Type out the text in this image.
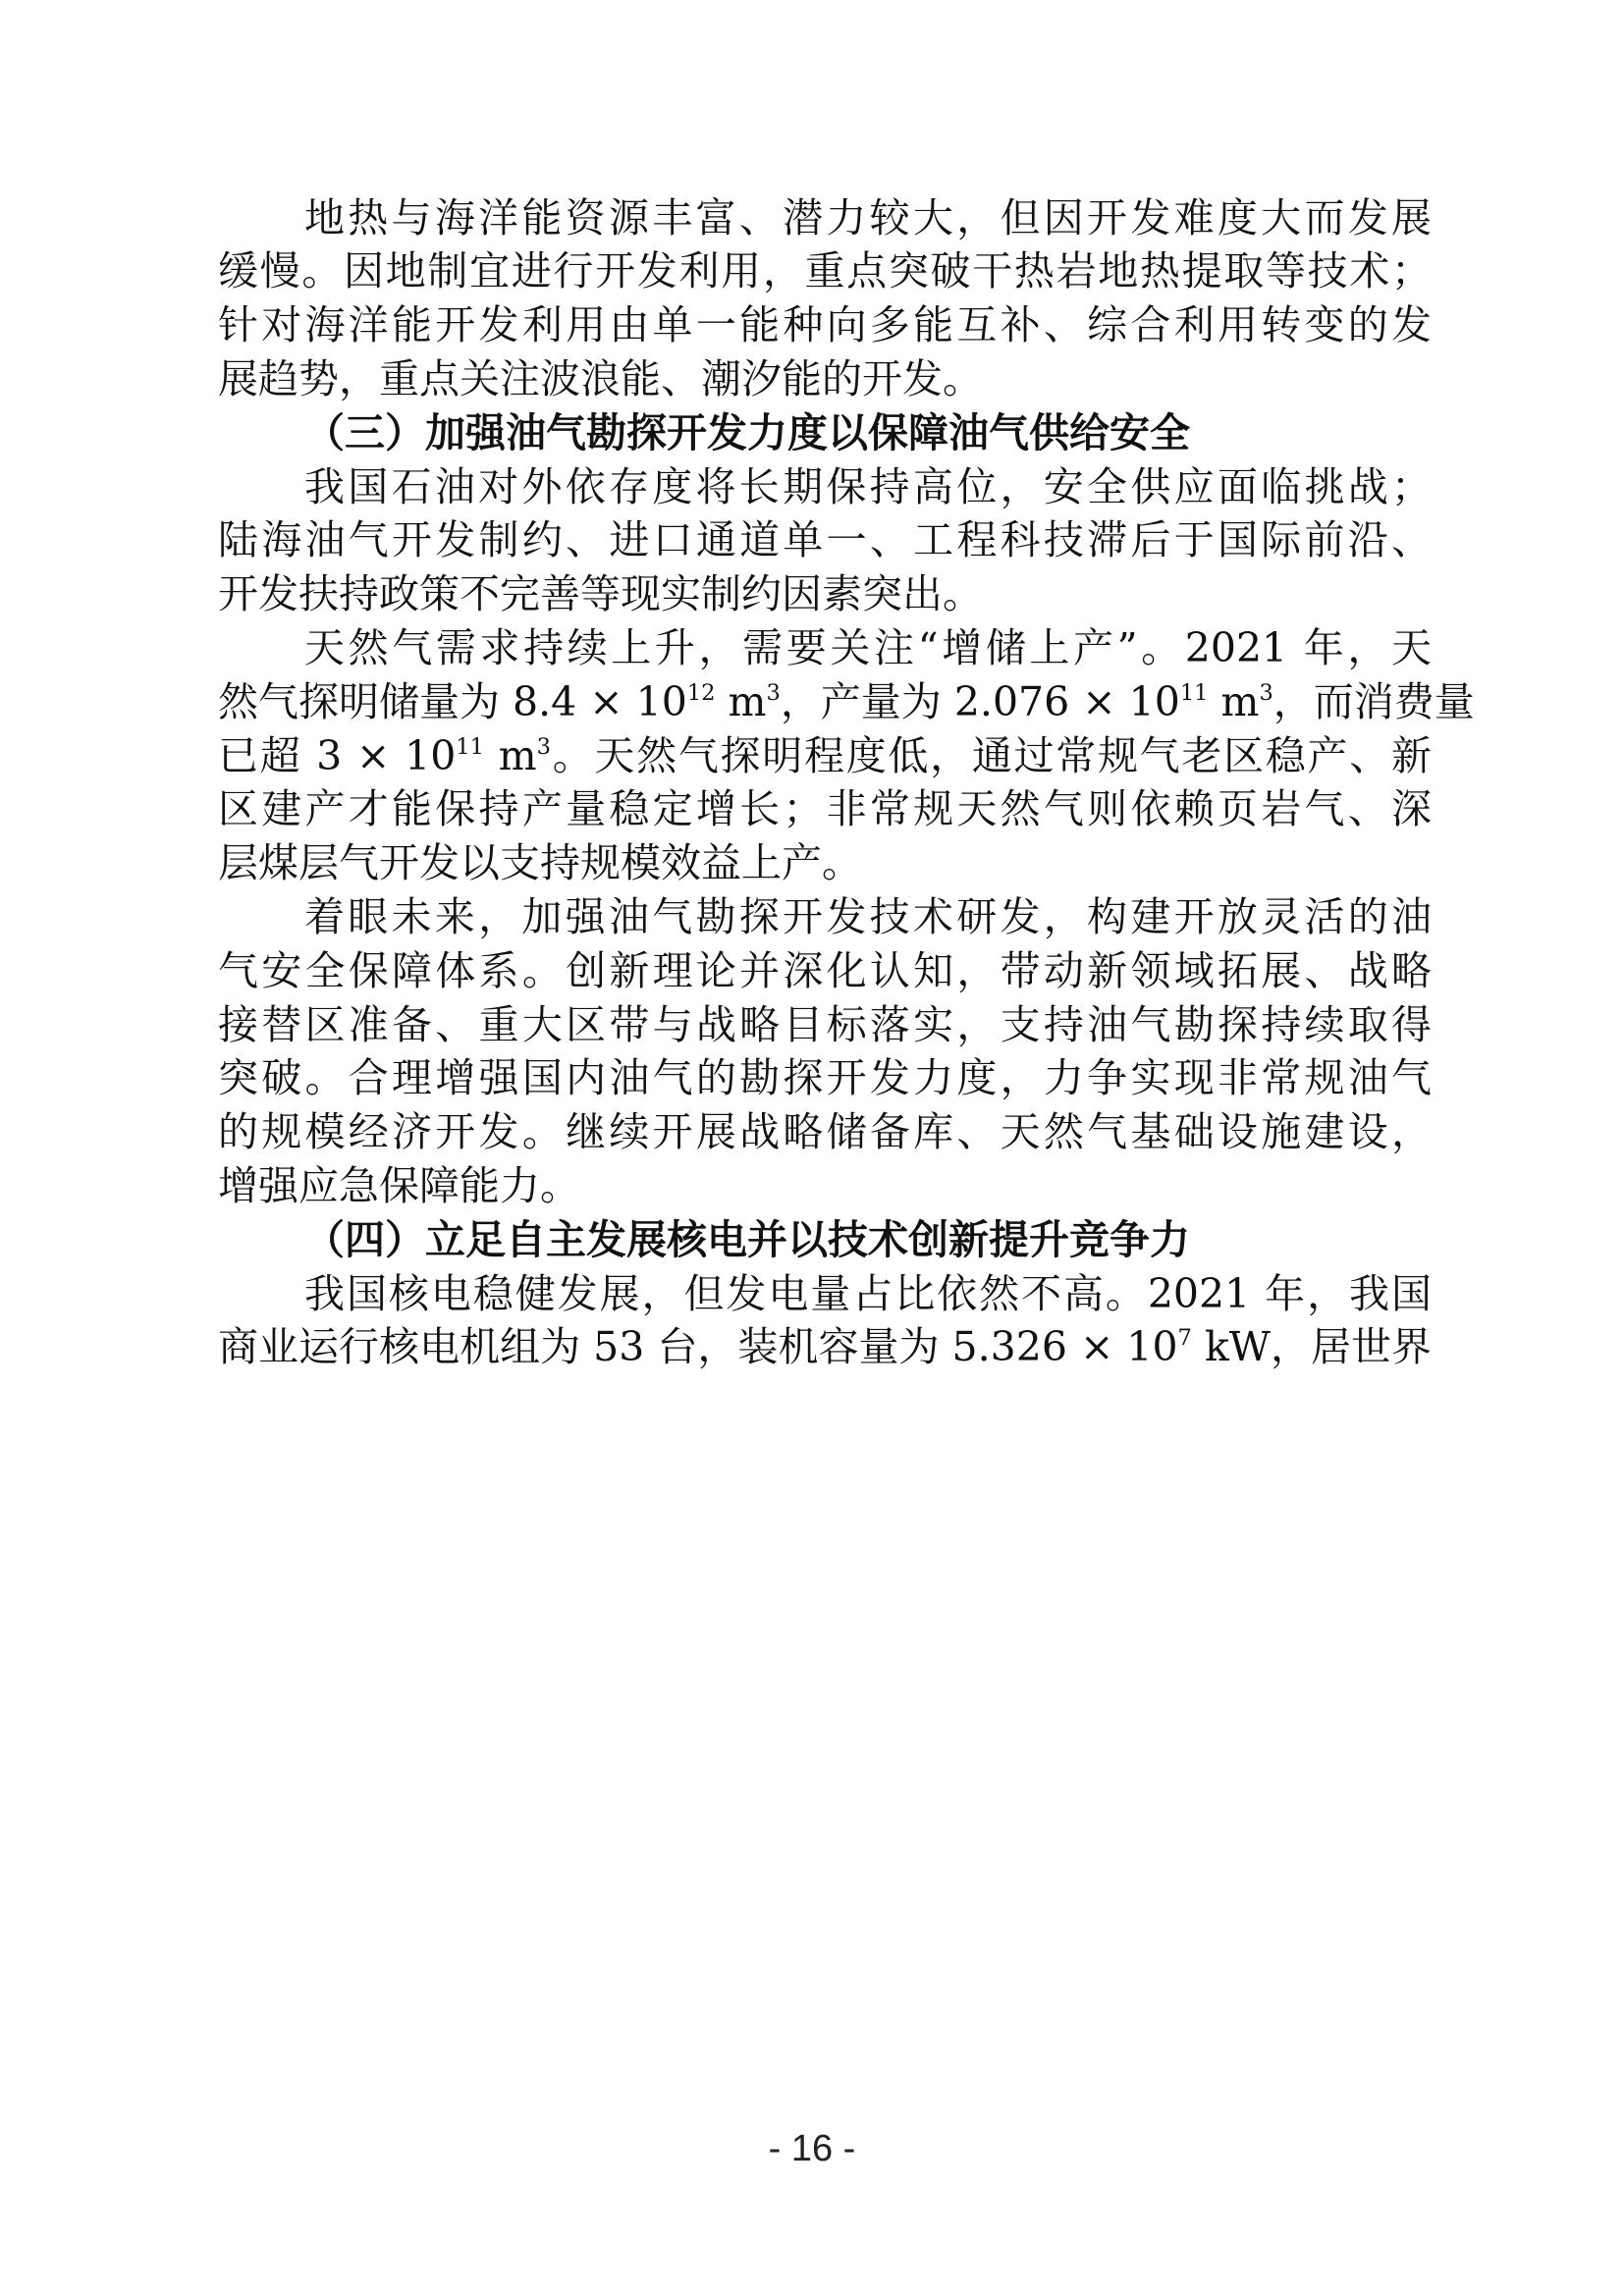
地热与海洋能资源丰富、潜力较大，但因开发难度大而发展
缓慢。因地制宜进行开发利用，重点突破干热岩地热提取等技术；
针对海洋能开发利用由单一能种向多能互补、综合利用转变的发
展趋势，重点关注波浪能、潮汐能的开发。
（三）加强油气勘探开发力度以保障油气供给安全
我国石油对外依存度将长期保持高位，安全供应面临挑战；
陆海油气开发制约、进口通道单一、工程科技滞后于国际前沿、
开发扶持政策不完善等现实制约因素突出。
天然气需求持续上升，需要关注“增储上产”。2021 年，天
然气探明储量为 $8.4 \times 10^{12}$ $m^3$，产量为 $2.076 \times 10^{11}$ $m^3$，而消费量
已超 $3 \times 10^{11}$ $m^3$。天然气探明程度低，通过常规气老区稳产、新
区建产才能保持产量稳定增长；非常规天然气则依赖页岩气、深
层煤层气开发以支持规模效益上产。
着眼未来，加强油气勘探开发技术研发，构建开放灵活的油
气安全保障体系。创新理论并深化认知，带动新领域拓展、战略
接替区准备、重大区带与战略目标落实，支持油气勘探持续取得
突破。合理增强国内油气的勘探开发力度，力争实现非常规油气
的规模经济开发。继续开展战略储备库、天然气基础设施建设，
增强应急保障能力。
（四）立足自主发展核电并以技术创新提升竞争力
我国核电稳健发展，但发电量占比依然不高。2021 年，我国
商业运行核电机组为 53 台，装机容量为 $5.326 \times 10^7$ kW，居世界
- 16 -
